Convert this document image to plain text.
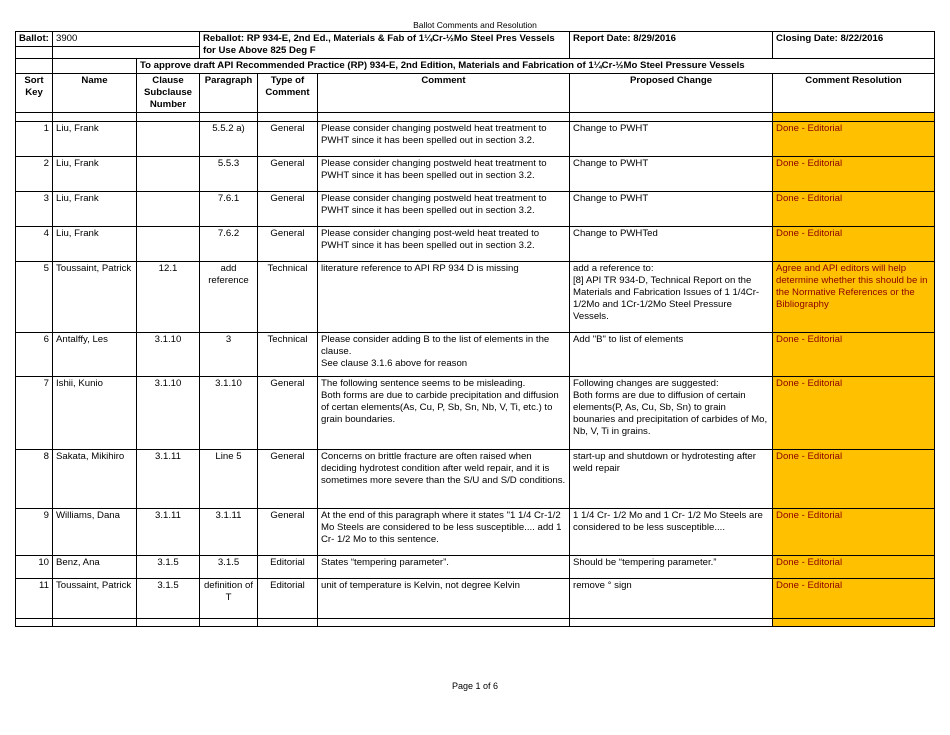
Ballot Comments and Resolution
Ballot:	3900		Reballot: RP 934-E, 2nd Ed., Materials & Fab of 1¼Cr-½Mo Steel Pres Vessels for Use Above 825 Deg F			Report Date: 8/29/2016	Closing Date: 8/22/2016

		To approve draft API Recommended Practice (RP) 934-E, 2nd Edition, Materials and Fabrication of 1¼Cr-½Mo Steel Pressure Vessels					
Sort Key	Name	Clause Subclause Number	Paragraph	Type of Comment	Comment	Proposed Change	Comment Resolution

1	Liu, Frank		5.5.2 a)	General	Please consider changing postweld heat treatment to PWHT since it has been spelled out in section 3.2.	Change to PWHT	Done - Editorial
2	Liu, Frank		5.5.3	General	Please consider changing postweld heat treatment to PWHT since it has been spelled out in section 3.2.	Change to PWHT	Done - Editorial
3	Liu, Frank		7.6.1	General	Please consider changing postweld heat treatment to PWHT since it has been spelled out in section 3.2.	Change to PWHT	Done - Editorial
4	Liu, Frank		7.6.2	General	Please consider changing post-weld heat treated to PWHT since it has been spelled out in section 3.2.	Change to PWHTed	Done - Editorial
5	Toussaint, Patrick	12.1	add reference	Technical	literature reference to API RP 934 D is missing	add a reference to:
[8] API TR 934-D, Technical Report on the Materials and Fabrication Issues of 1 1/4Cr-1/2Mo and 1Cr-1/2Mo Steel Pressure Vessels.	Agree and API editors will help determine whether this should be in the Normative References or the Bibliography
6	Antalffy, Les	3.1.10	3	Technical	Please consider adding B to the list of elements in the clause.
See clause 3.1.6 above for reason	Add "B" to list of elements	Done - Editorial
7	Ishii, Kunio	3.1.10	3.1.10	General	The following sentence seems to be misleading.
Both forms are due to carbide precipitation and diffusion of certan elements(As, Cu, P, Sb, Sn, Nb, V, Ti, etc.) to grain boundaries.	Following changes are suggested:
Both forms are due to diffusion of certain elements(P, As, Cu, Sb, Sn) to grain bounaries and precipitation of carbides of Mo, Nb, V, Ti in grains.	Done - Editorial
8	Sakata, Mikihiro	3.1.11	Line 5	General	Concerns on brittle fracture are often raised when deciding hydrotest condition after weld repair, and it is sometimes more severe than the S/U and S/D conditions.	start-up and shutdown or hydrotesting after weld repair	Done - Editorial
9	Williams, Dana	3.1.11	3.1.11	General	At the end of this paragraph where it states "1 1/4 Cr-1/2 Mo Steels are considered to be less susceptible.... add 1 Cr- 1/2 Mo to this sentence.	1 1/4 Cr- 1/2 Mo and 1 Cr- 1/2 Mo Steels are considered to be less susceptible....	Done - Editorial
10	Benz, Ana	3.1.5	3.1.5	Editorial	States “tempering parameter”.	Should be “tempering parameter.”	Done - Editorial
11	Toussaint, Patrick	3.1.5	definition of T	Editorial	unit of temperature is Kelvin, not degree Kelvin	remove ° sign	Done - Editorial

Page 1 of 6
